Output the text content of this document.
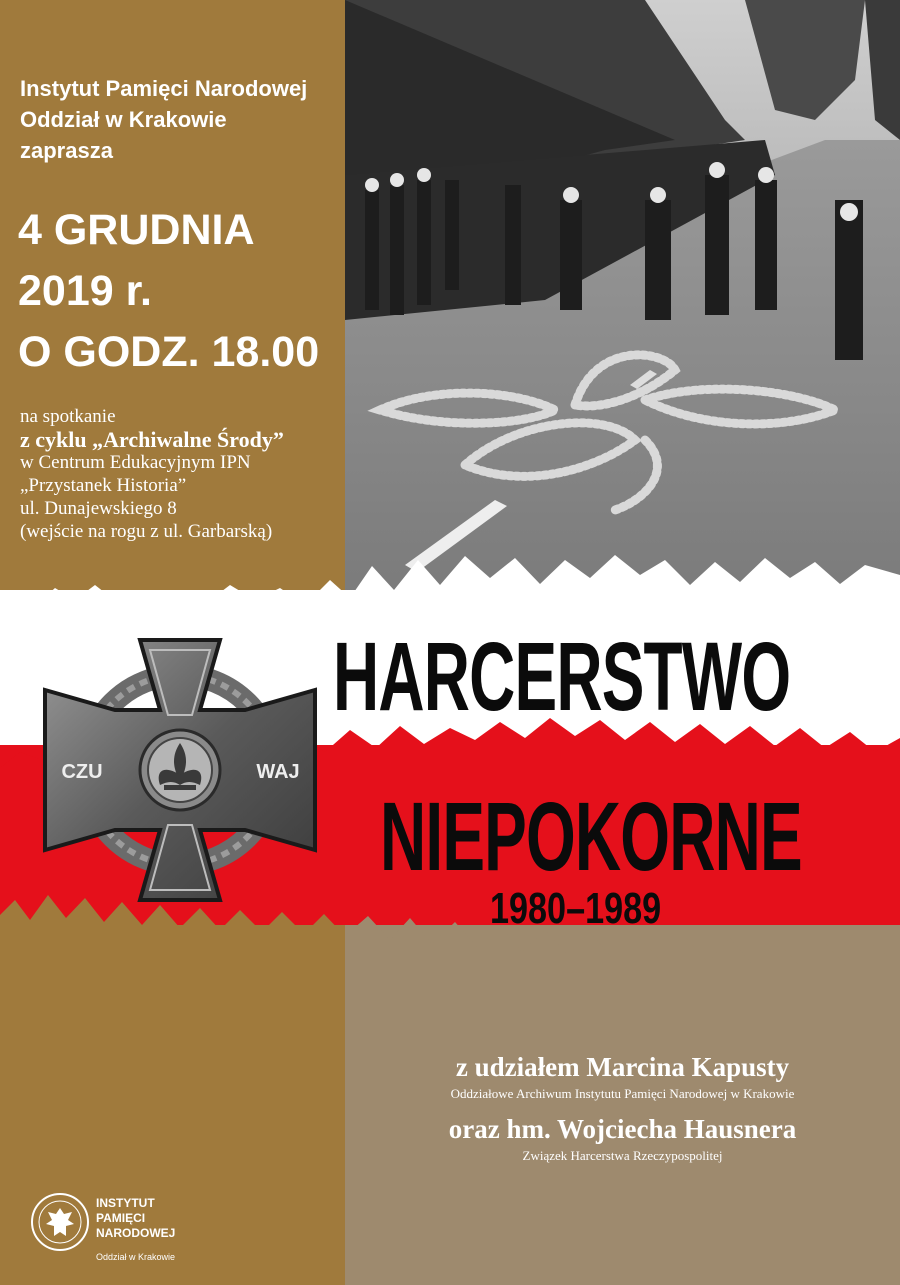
CZU	WAJ
Instytut Pamięci Narodowej
Oddział w Krakowie
zaprasza
4 GRUDNIA
2019 r.
O GODZ. 18.00
na spotkanie
z cyklu „Archiwalne Środy”
w Centrum Edukacyjnym IPN
„Przystanek Historia”
ul. Dunajewskiego 8
(wejście na rogu z ul. Garbarską)
HARCERSTWO
NIEPOKORNE
1980–1989
z udziałem Marcina Kapusty
Oddziałowe Archiwum Instytutu Pamięci Narodowej w Krakowie
oraz hm. Wojciecha Hausnera
Związek Harcerstwa Rzeczypospolitej
INSTYTUT
PAMIĘCI
NARODOWEJ
Oddział w Krakowie
